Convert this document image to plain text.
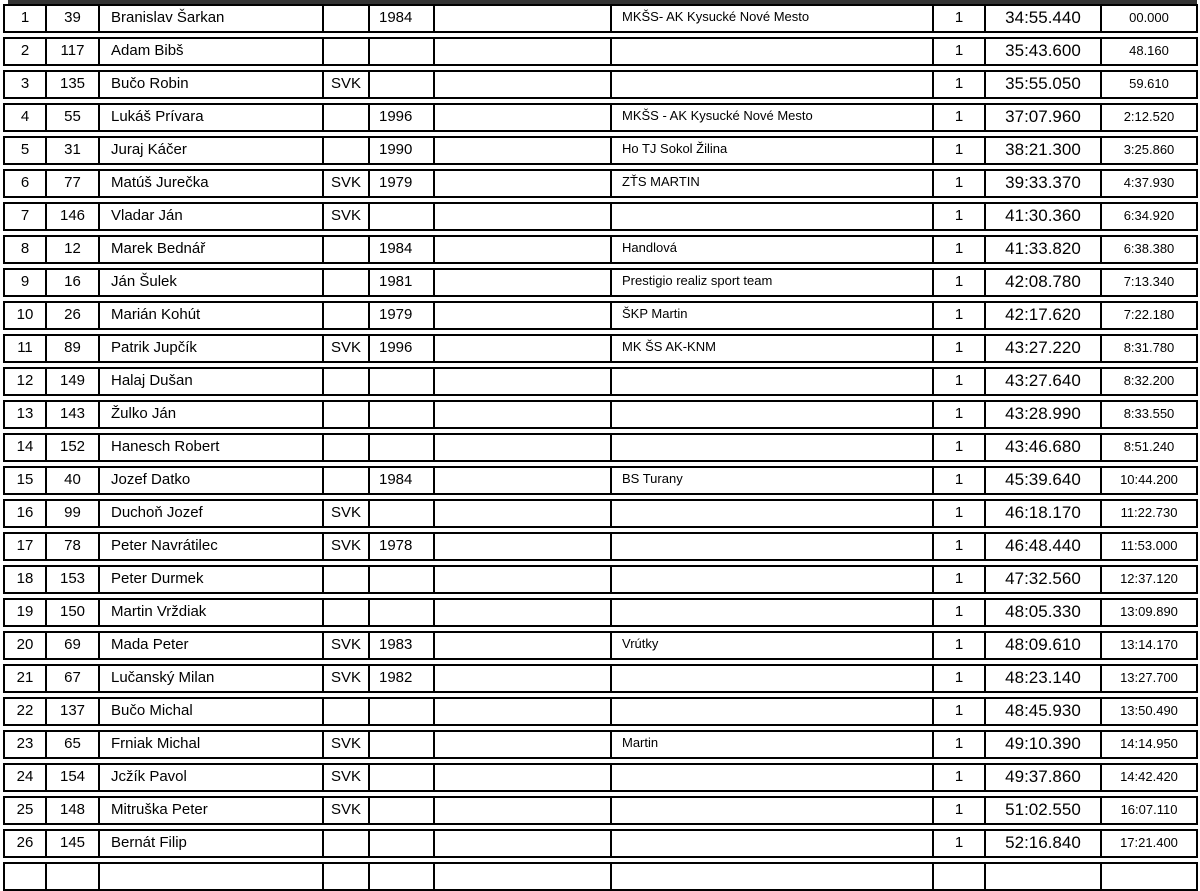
1	39	Branislav Šarkan	1984	MKŠS- AK Kysucké Nové Mesto	1	34:55.440	00.000
2	117	Adam Bibš	1	35:43.600	48.160
3	135	Bučo Robin	SVK	1	35:55.050	59.610
4	55	Lukáš Prívara	1996	MKŠS - AK Kysucké Nové Mesto	1	37:07.960	2:12.520
5	31	Juraj Káčer	1990	Ho TJ Sokol Žilina	1	38:21.300	3:25.860
6	77	Matúš Jurečka	SVK	1979	ZŤS MARTIN	1	39:33.370	4:37.930
7	146	Vladar Ján	SVK	1	41:30.360	6:34.920
8	12	Marek Bednář	1984	Handlová	1	41:33.820	6:38.380
9	16	Ján Šulek	1981	Prestigio realiz sport team	1	42:08.780	7:13.340
10	26	Marián Kohút	1979	ŠKP Martin	1	42:17.620	7:22.180
11	89	Patrik Jupčík	SVK	1996	MK ŠS AK-KNM	1	43:27.220	8:31.780
12	149	Halaj Dušan	1	43:27.640	8:32.200
13	143	Žulko Ján	1	43:28.990	8:33.550
14	152	Hanesch Robert	1	43:46.680	8:51.240
15	40	Jozef Datko	1984	BS Turany	1	45:39.640	10:44.200
16	99	Duchoň Jozef	SVK	1	46:18.170	11:22.730
17	78	Peter Navrátilec	SVK	1978	1	46:48.440	11:53.000
18	153	Peter Durmek	1	47:32.560	12:37.120
19	150	Martin Vrždiak	1	48:05.330	13:09.890
20	69	Mada Peter	SVK	1983	Vrútky	1	48:09.610	13:14.170
21	67	Lučanský Milan	SVK	1982	1	48:23.140	13:27.700
22	137	Bučo Michal	1	48:45.930	13:50.490
23	65	Frniak Michal	SVK	Martin	1	49:10.390	14:14.950
24	154	Jcžík Pavol	SVK	1	49:37.860	14:42.420
25	148	Mitruška Peter	SVK	1	51:02.550	16:07.110
26	145	Bernát Filip	1	52:16.840	17:21.400
